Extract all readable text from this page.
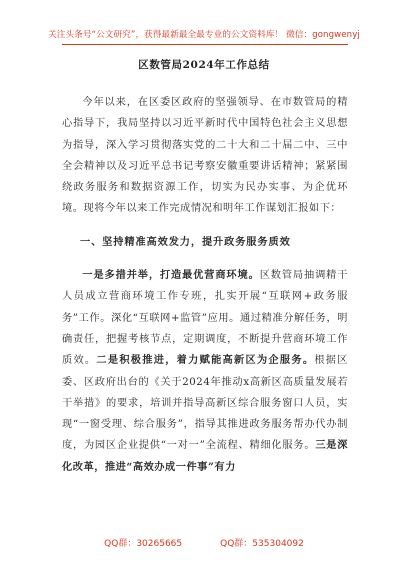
关注头条号“公文研究”，获得最新最全最专业的公文资料库！ 微信：gongwenyj
区数管局2024年工作总结

今年以来，在区委区政府的坚强领导、在市数管局的精心指导下，我局坚持以习近平新时代中国特色社会主义思想为指导，深入学习贯彻落实党的二十大和二十届二中、三中全会精神以及习近平总书记考察安徽重要讲话精神；紧紧围绕政务服务和数据资源工作，切实为民办实事、为企优环境。现将今年以来工作完成情况和明年工作谋划汇报如下：

一、坚持精准高效发力，提升政务服务质效

一是多措并举，打造最优营商环境。区数管局抽调精干人员成立营商环境工作专班，扎实开展“互联网+政务服务”工作。深化“互联网+监管”应用。通过精准分解任务，明确责任，把握考核节点，定期调度，不断提升营商环境工作质效。二是积极推进，着力赋能高新区为企服务。根据区委、区政府出台的《关于2024年推动x高新区高质量发展若干举措》的要求，培训并指导高新区综合服务窗口人员，实现“一窗受理、综合服务”，指导其推进政务服务帮办代办制度，为园区企业提供“一对一”全流程、精细化服务。三是深化改革，推进“高效办成一件事”有力

QQ群：30265665	QQ群：535304092
